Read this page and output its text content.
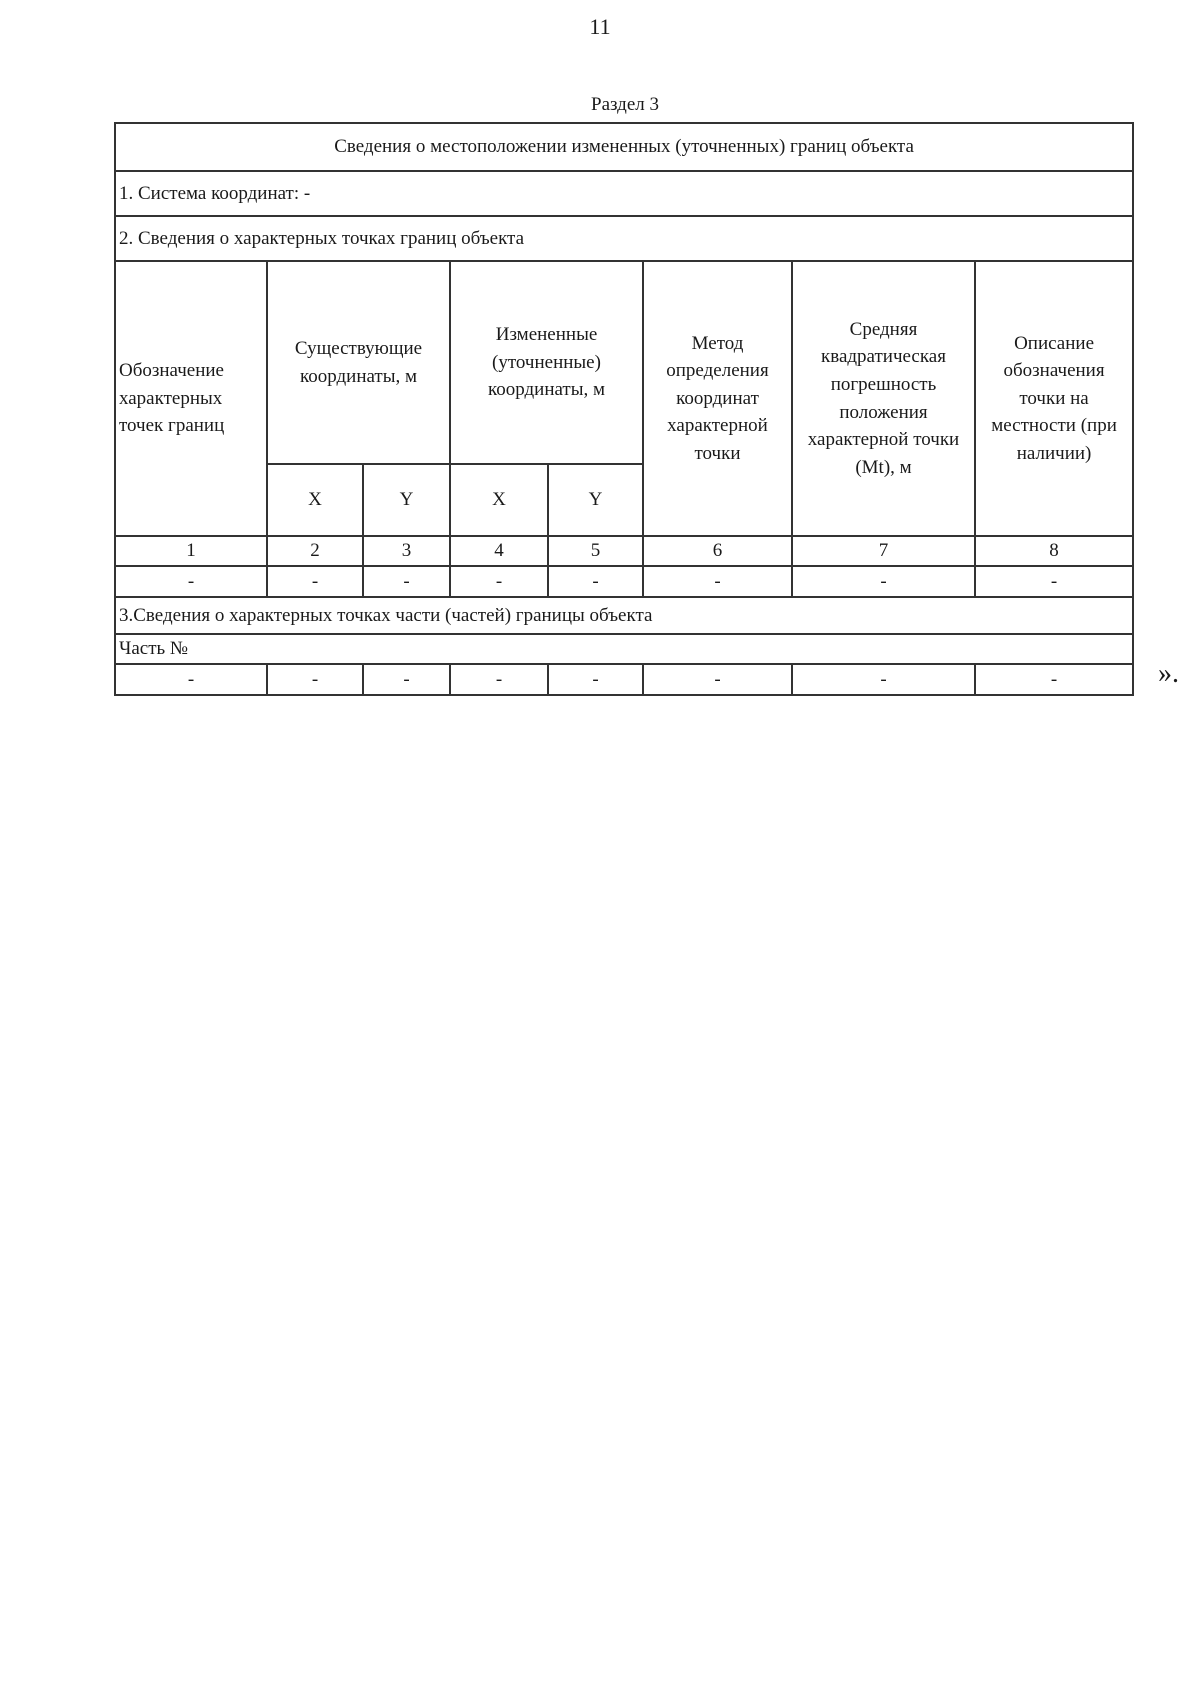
11
Раздел 3
Сведения о местоположении измененных (уточненных) границ объекта							
1. Система координат: -							
2. Сведения о характерных точках границ объекта							
Обозначение характерных точек границ	Существующие координаты, м		Измененные (уточненные) координаты, м		Метод определения координат характерной точки	Средняя квадратическая погрешность положения характерной точки (Mt), м	Описание обозначения точки на местности (при наличии)
	X	Y	X	Y			
1	2	3	4	5	6	7	8
-	-	-	-	-	-	-	-
3.Сведения о характерных точках части (частей) границы объекта							
Часть №							
-	-	-	-	-	-	-	-	».
